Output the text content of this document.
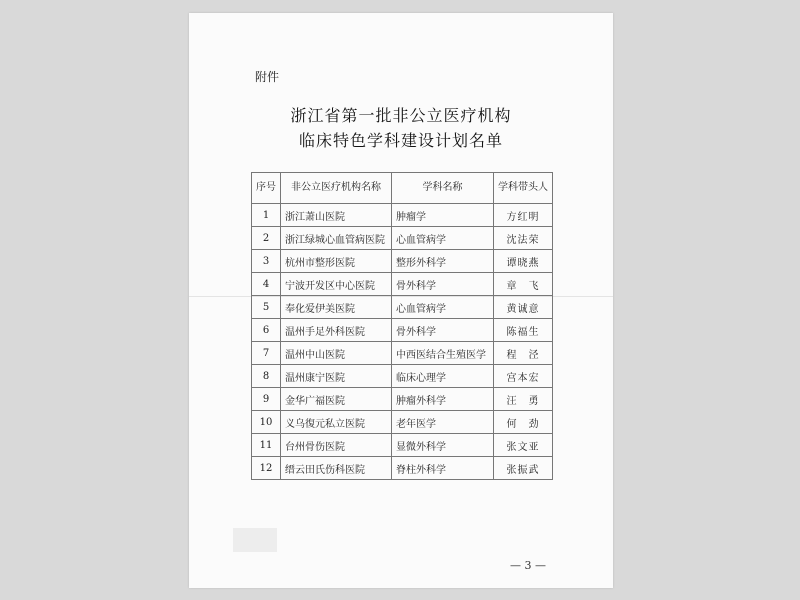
附件
浙江省第一批非公立医疗机构
临床特色学科建设计划名单
序号	非公立医疗机构名称	学科名称	学科带头人
1	浙江萧山医院	肿瘤学	方红明
2	浙江绿城心血管病医院	心血管病学	沈法荣
3	杭州市整形医院	整形外科学	谭晓燕
4	宁波开发区中心医院	骨外科学	章　飞
5	奉化爱伊美医院	心血管病学	黄诚意
6	温州手足外科医院	骨外科学	陈福生
7	温州中山医院	中西医结合生殖医学	程　泾
8	温州康宁医院	临床心理学	宫本宏
9	金华广福医院	肿瘤外科学	汪　勇
10	义乌復元私立医院	老年医学	何　劲
11	台州骨伤医院	显微外科学	张文亚
12	缙云田氏伤科医院	脊柱外科学	张振武
— 3 —
